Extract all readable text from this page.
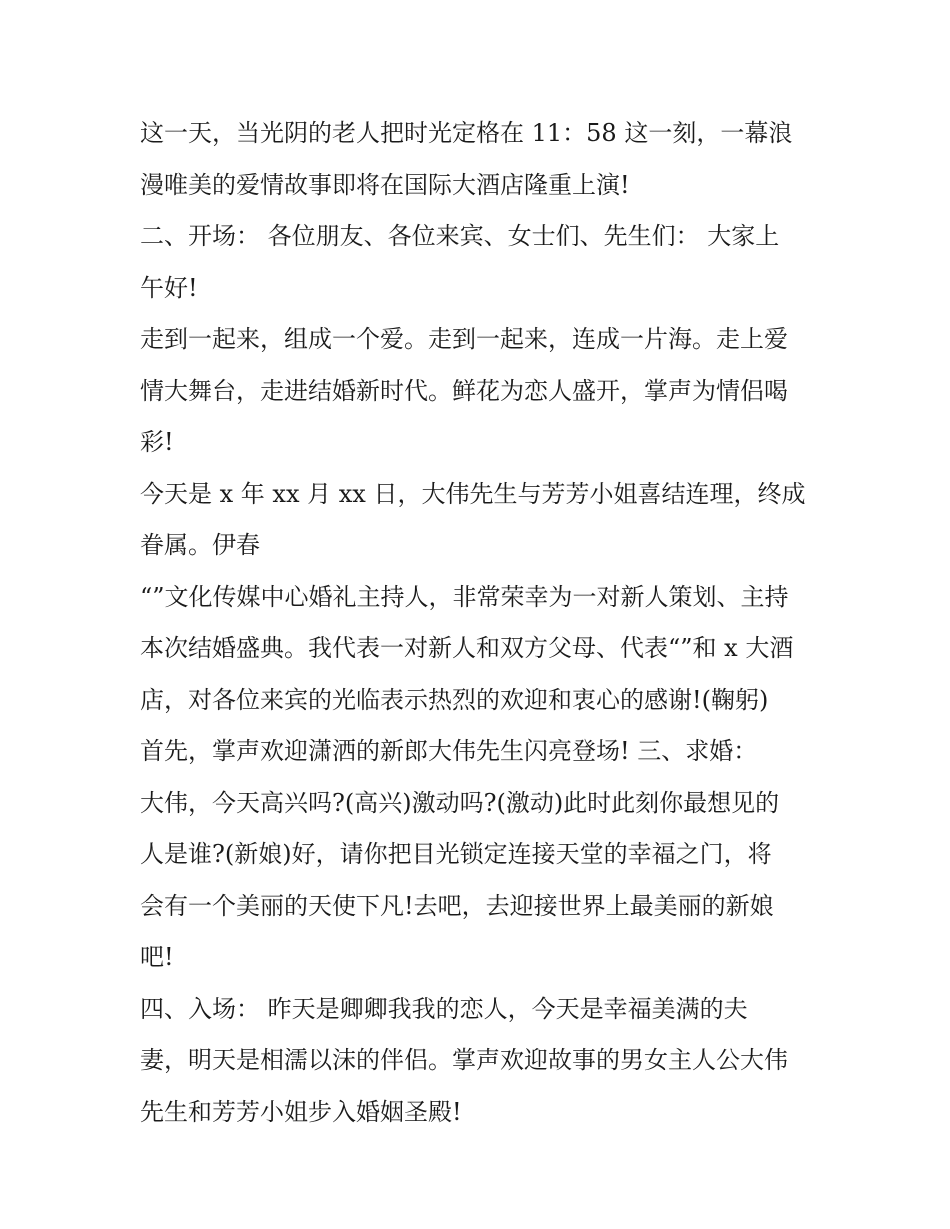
这一天，当光阴的老人把时光定格在 11：58 这一刻，一幕浪
漫唯美的爱情故事即将在国际大酒店隆重上演!
二、开场： 各位朋友、各位来宾、女士们、先生们： 大家上
午好!
走到一起来，组成一个爱。走到一起来，连成一片海。走上爱
情大舞台，走进结婚新时代。鲜花为恋人盛开，掌声为情侣喝
彩!
今天是 x 年 xx 月 xx 日，大伟先生与芳芳小姐喜结连理，终成
眷属。伊春
“”文化传媒中心婚礼主持人，非常荣幸为一对新人策划、主持
本次结婚盛典。我代表一对新人和双方父母、代表“”和 x 大酒
店，对各位来宾的光临表示热烈的欢迎和衷心的感谢!(鞠躬)
首先，掌声欢迎潇洒的新郎大伟先生闪亮登场! 三、求婚：
大伟，今天高兴吗?(高兴)激动吗?(激动)此时此刻你最想见的
人是谁?(新娘)好，请你把目光锁定连接天堂的幸福之门，将
会有一个美丽的天使下凡!去吧，去迎接世界上最美丽的新娘
吧!
四、入场： 昨天是卿卿我我的恋人，今天是幸福美满的夫
妻，明天是相濡以沫的伴侣。掌声欢迎故事的男女主人公大伟
先生和芳芳小姐步入婚姻圣殿!
